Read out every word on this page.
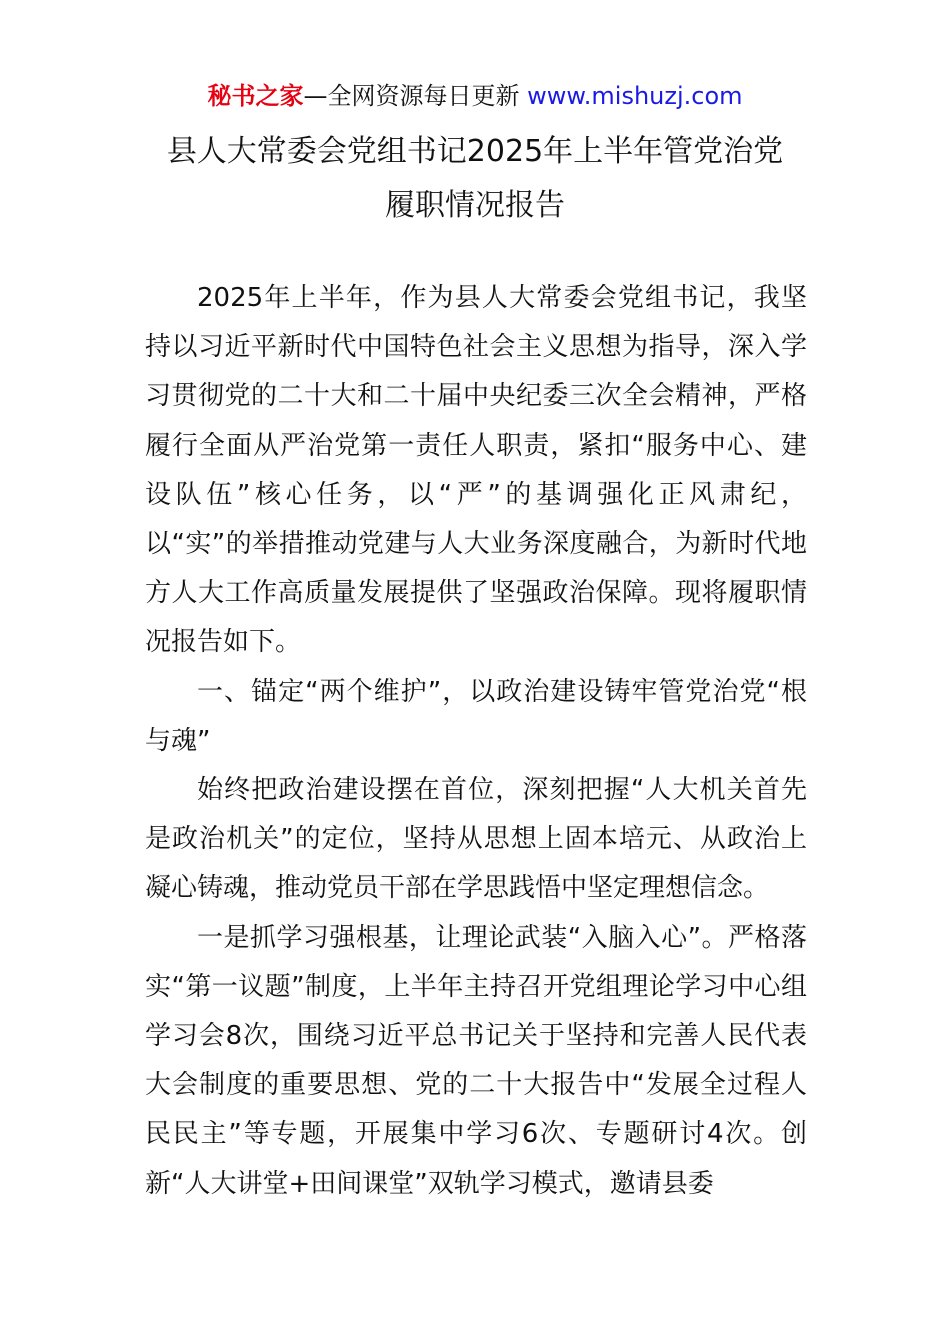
秘书之家—全网资源每日更新 www.mishuzj.com
县人大常委会党组书记2025年上半年管党治党
履职情况报告

2025年上半年，作为县人大常委会党组书记，我坚持以习近平新时代中国特色社会主义思想为指导，深入学习贯彻党的二十大和二十届中央纪委三次全会精神，严格履行全面从严治党第一责任人职责，紧扣“服务中心、建设队伍”核心任务，以“严”的基调强化正风肃纪，以“实”的举措推动党建与人大业务深度融合，为新时代地方人大工作高质量发展提供了坚强政治保障。现将履职情况报告如下。

一、锚定“两个维护”，以政治建设铸牢管党治党“根与魂”

始终把政治建设摆在首位，深刻把握“人大机关首先是政治机关”的定位，坚持从思想上固本培元、从政治上凝心铸魂，推动党员干部在学思践悟中坚定理想信念。

一是抓学习强根基，让理论武装“入脑入心”。严格落实“第一议题”制度，上半年主持召开党组理论学习中心组学习会8次，围绕习近平总书记关于坚持和完善人民代表大会制度的重要思想、党的二十大报告中“发展全过程人民民主”等专题，开展集中学习6次、专题研讨4次。创新“人大讲堂+田间课堂”双轨学习模式，邀请县委
